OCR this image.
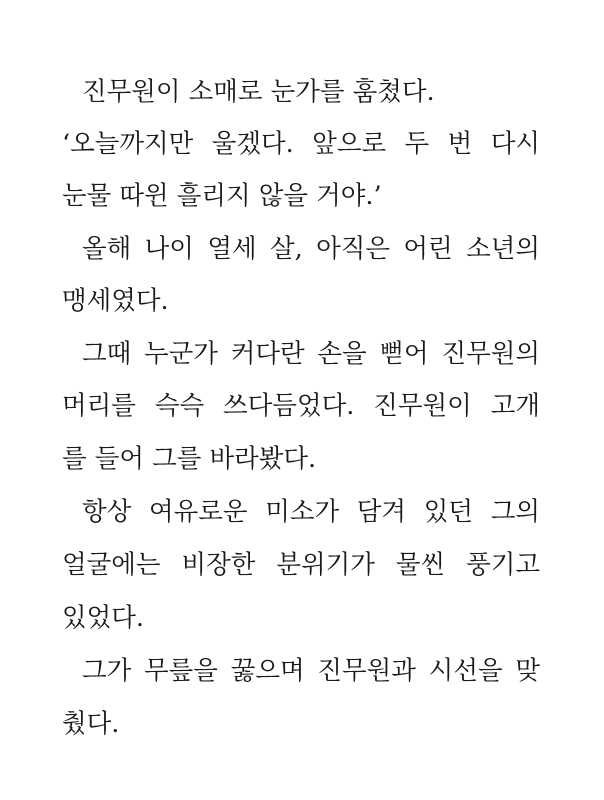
진무원이 소매로 눈가를 훔쳤다.
‘오늘까지만 울겠다. 앞으로 두 번 다시
눈물 따윈 흘리지 않을 거야.’
올해 나이 열세 살, 아직은 어린 소년의
맹세였다.
그때 누군가 커다란 손을 뻗어 진무원의
머리를 슥슥 쓰다듬었다. 진무원이 고개
를 들어 그를 바라봤다.
항상 여유로운 미소가 담겨 있던 그의
얼굴에는 비장한 분위기가 물씬 풍기고
있었다.
그가 무릎을 꿇으며 진무원과 시선을 맞
췄다.
